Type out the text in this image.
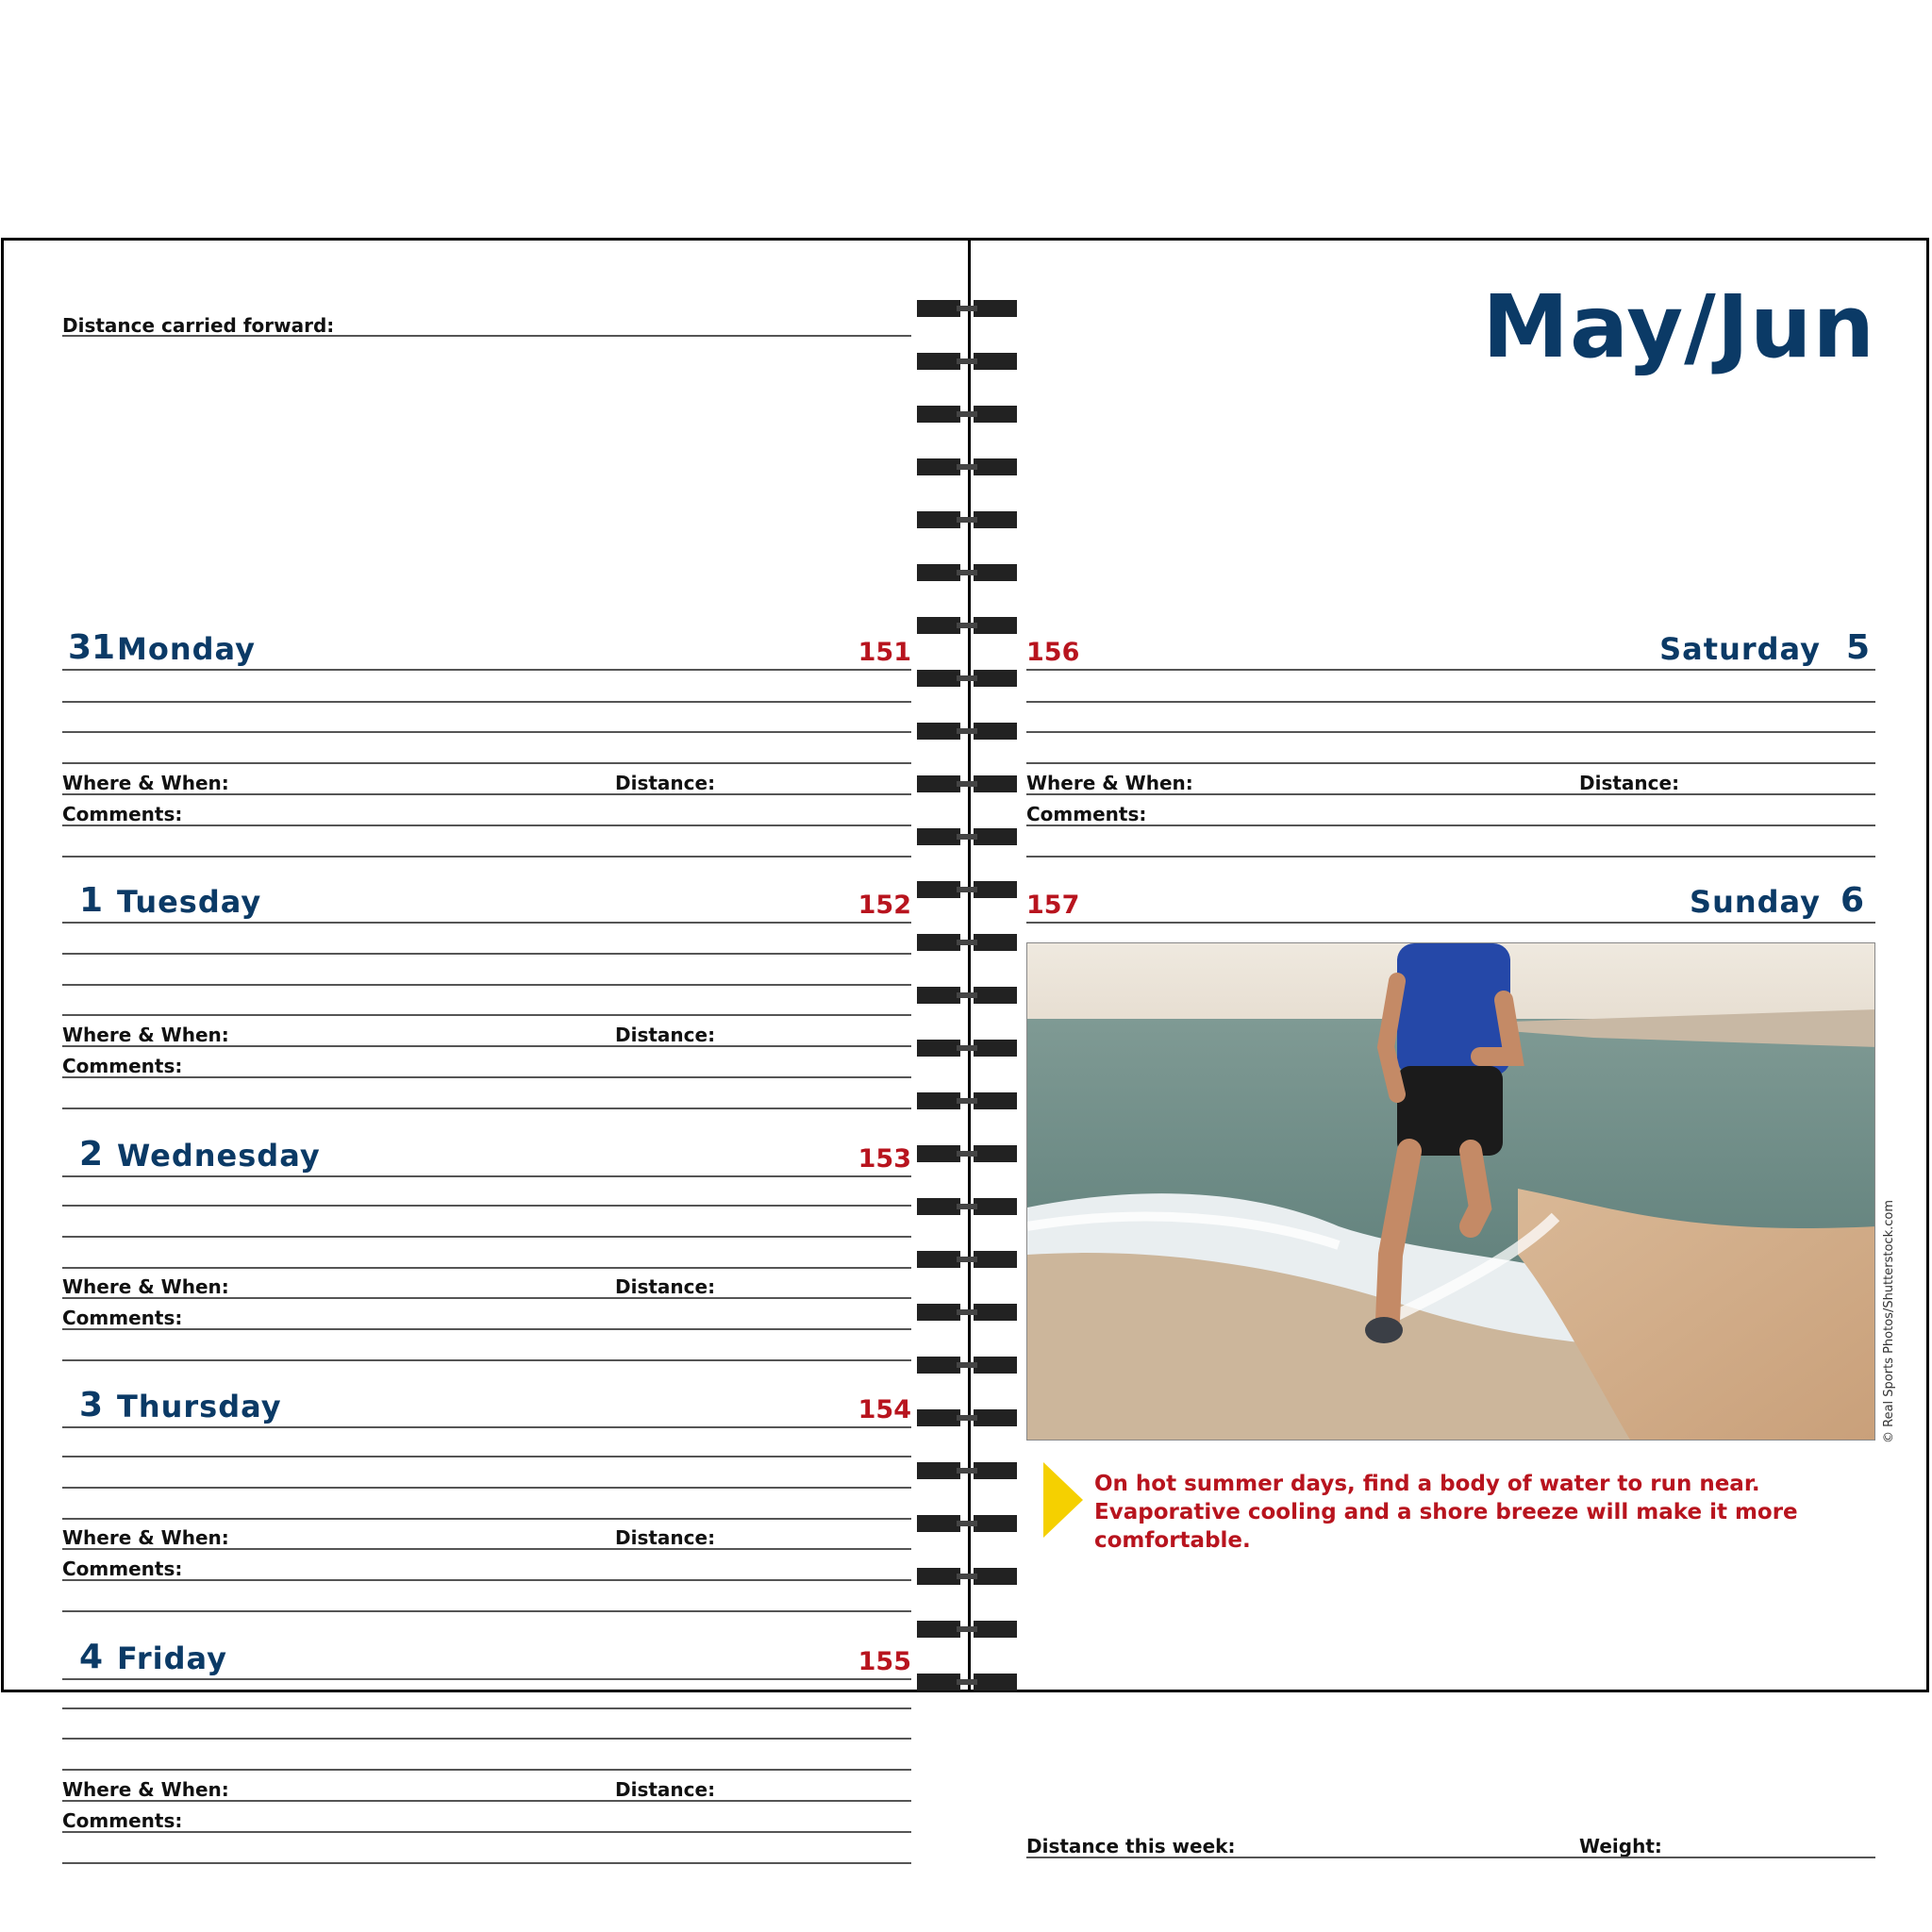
Distance carried forward:
31 Monday	151
Where & When:	Distance:
Comments:
1 Tuesday	152
Where & When:	Distance:
Comments:
2 Wednesday	153
Where & When:	Distance:
Comments:
3 Thursday	154
Where & When:	Distance:
Comments:
4 Friday	155
Where & When:	Distance:
Comments:
May/Jun
156	Saturday 5
Where & When:	Distance:
Comments:
157	Sunday 6
Distance this week:	Weight:
© Real Sports Photos/Shutterstock.com
On hot summer days, find a body of water to run near. Evaporative cooling and a shore breeze will make it more comfortable.
